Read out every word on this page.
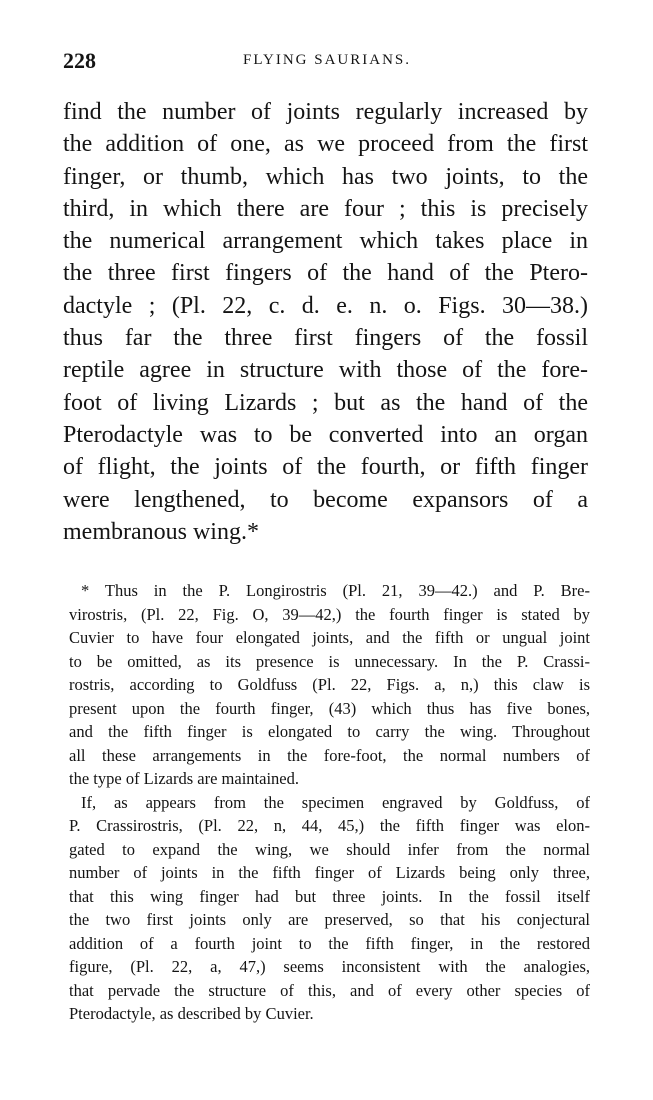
228	FLYING SAURIANS.
find the number of joints regularly increased by
the addition of one, as we proceed from the first
finger, or thumb, which has two joints, to the
third, in which there are four ; this is precisely
the numerical arrangement which takes place in
the three first fingers of the hand of the Ptero-
dactyle ; (Pl. 22, c. d. e. n. o. Figs. 30—38.)
thus far the three first fingers of the fossil
reptile agree in structure with those of the fore-
foot of living Lizards ; but as the hand of the
Pterodactyle was to be converted into an organ
of flight, the joints of the fourth, or fifth finger
were lengthened, to become expansors of a
membranous wing.*
* Thus in the P. Longirostris (Pl. 21, 39—42.) and P. Bre-
virostris, (Pl. 22, Fig. O, 39—42,) the fourth finger is stated by
Cuvier to have four elongated joints, and the fifth or ungual joint
to be omitted, as its presence is unnecessary. In the P. Crassi-
rostris, according to Goldfuss (Pl. 22, Figs. a, n,) this claw is
present upon the fourth finger, (43) which thus has five bones,
and the fifth finger is elongated to carry the wing. Throughout
all these arrangements in the fore-foot, the normal numbers of
the type of Lizards are maintained.
If, as appears from the specimen engraved by Goldfuss, of
P. Crassirostris, (Pl. 22, n, 44, 45,) the fifth finger was elon-
gated to expand the wing, we should infer from the normal
number of joints in the fifth finger of Lizards being only three,
that this wing finger had but three joints. In the fossil itself
the two first joints only are preserved, so that his conjectural
addition of a fourth joint to the fifth finger, in the restored
figure, (Pl. 22, a, 47,) seems inconsistent with the analogies,
that pervade the structure of this, and of every other species of
Pterodactyle, as described by Cuvier.
